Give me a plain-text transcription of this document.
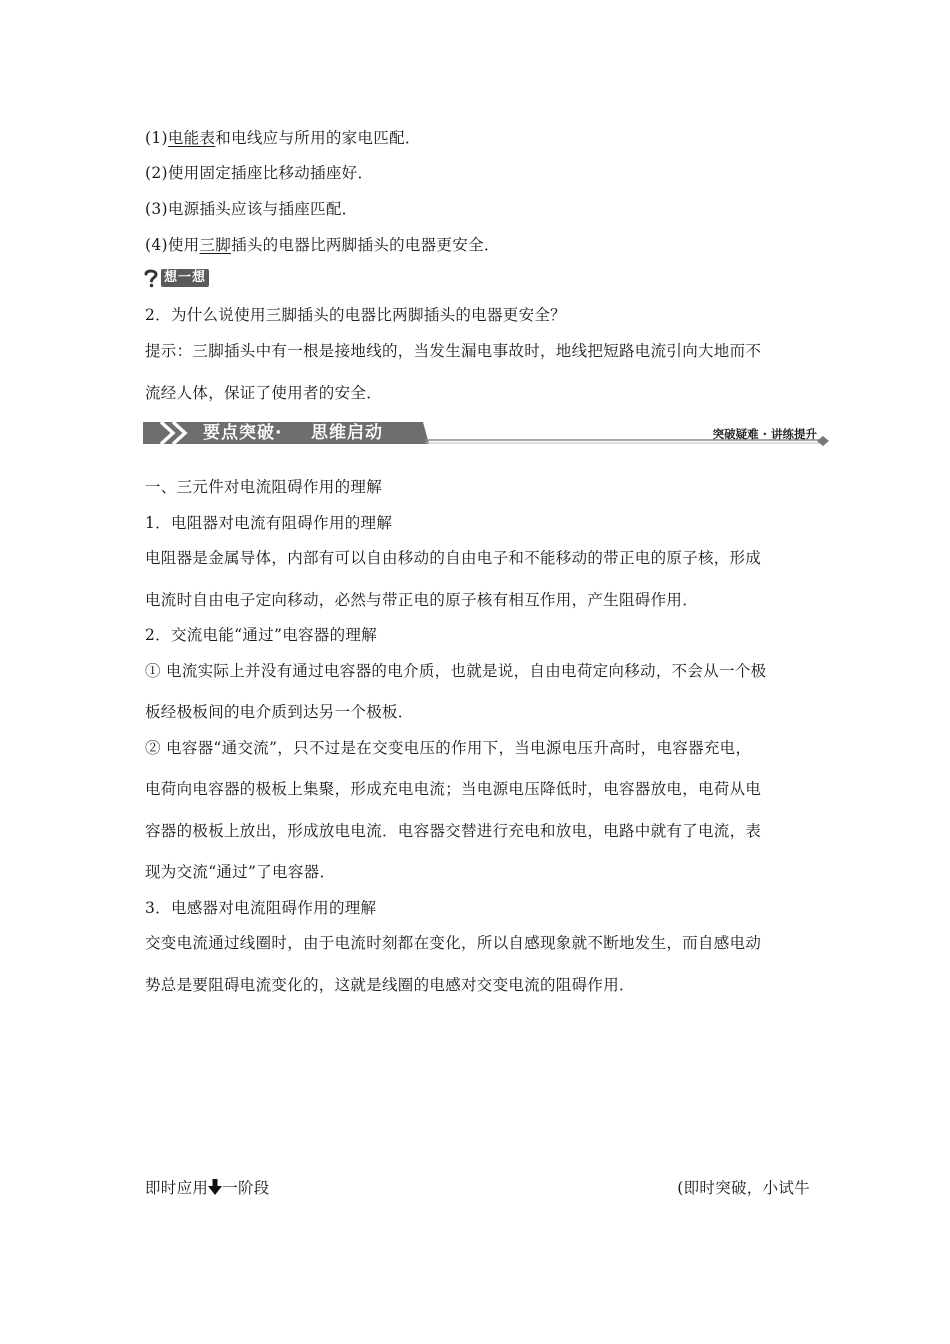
(1)电能表和电线应与所用的家电匹配．
(2)使用固定插座比移动插座好．
(3)电源插头应该与插座匹配．
(4)使用三脚插头的电器比两脚插头的电器更安全．
想一想
2．为什么说使用三脚插头的电器比两脚插头的电器更安全？
提示：三脚插头中有一根是接地线的，当发生漏电事故时，地线把短路电流引向大地而不
流经人体，保证了使用者的安全．
要点突破· 思维启动	突破疑难 · 讲练提升
一、三元件对电流阻碍作用的理解
1．电阻器对电流有阻碍作用的理解
电阻器是金属导体，内部有可以自由移动的自由电子和不能移动的带正电的原子核，形成
电流时自由电子定向移动，必然与带正电的原子核有相互作用，产生阻碍作用．
2．交流电能“通过”电容器的理解
① 电流实际上并没有通过电容器的电介质，也就是说，自由电荷定向移动，不会从一个极
板经极板间的电介质到达另一个极板．
② 电容器“通交流”，只不过是在交变电压的作用下，当电源电压升高时，电容器充电，
电荷向电容器的极板上集聚，形成充电电流；当电源电压降低时，电容器放电，电荷从电
容器的极板上放出，形成放电电流．电容器交替进行充电和放电，电路中就有了电流，表
现为交流“通过”了电容器．
3．电感器对电流阻碍作用的理解
交变电流通过线圈时，由于电流时刻都在变化，所以自感现象就不断地发生，而自感电动
势总是要阻碍电流变化的，这就是线圈的电感对交变电流的阻碍作用．
即时应用 一阶段	(即时突破，小试牛
